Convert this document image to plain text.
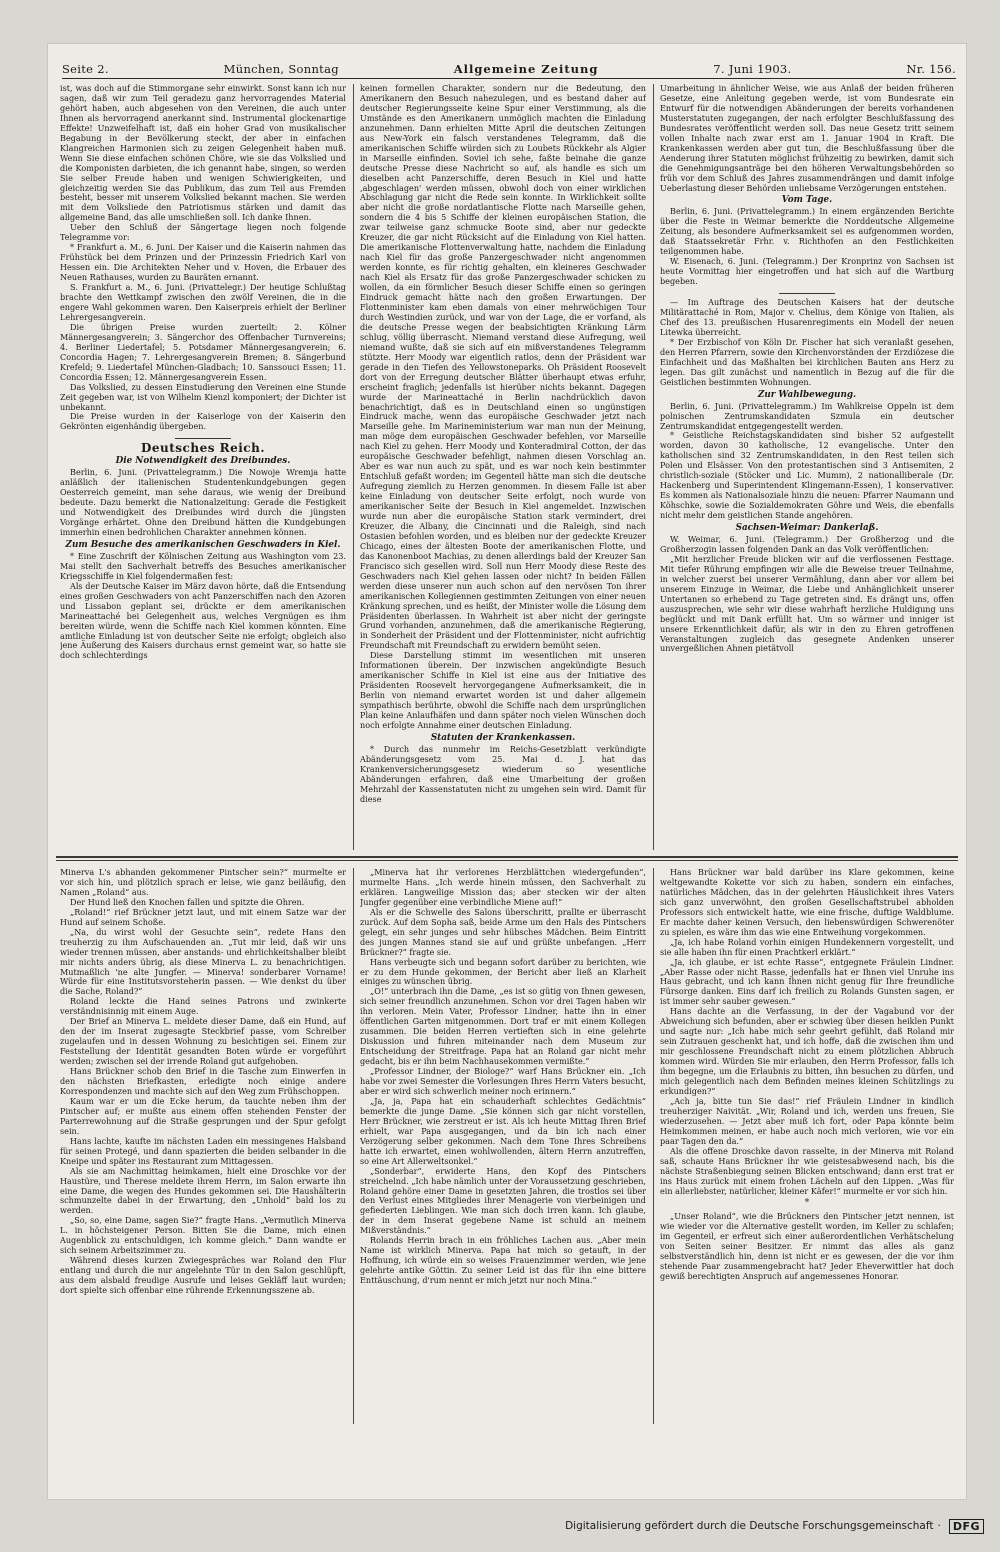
Seite 2.	München, Sonntag	Allgemeine Zeitung	7. Juni 1903.	Nr. 156.

ist, was doch auf die Stimmorgane sehr einwirkt. Sonst kann ich nur sagen, daß wir zum Teil geradezu ganz hervorragendes Material gehört haben, auch abgesehen von den Vereinen, die auch unter Ihnen als hervorragend anerkannt sind. Instrumental glockenartige Effekte! Unzweifelhaft ist, daß ein hoher Grad von musikalischer Begabung in der Bevölkerung steckt, der aber in einfachen Klangreichen Harmonien sich zu zeigen Gelegenheit haben muß. Wenn Sie diese einfachen schönen Chöre, wie sie das Volkslied und die Komponisten darbieten, die ich genannt habe, singen, so werden Sie selber Freude haben und wenigen Schwierigkeiten, und gleichzeitig werden Sie das Publikum, das zum Teil aus Fremden besteht, besser mit unserem Volkslied bekannt machen. Sie werden mit dem Volksliede den Patriotismus stärken und damit das allgemeine Band, das alle umschließen soll. Ich danke Ihnen.

Ueber den Schluß der Sängertage liegen noch folgende Telegramme vor:

* Frankfurt a. M., 6. Juni. Der Kaiser und die Kaiserin nahmen das Frühstück bei dem Prinzen und der Prinzessin Friedrich Karl von Hessen ein. Die Architekten Neher und v. Hoven, die Erbauer des Neuen Rathauses, wurden zu Bauräten ernannt.

S. Frankfurt a. M., 6. Juni. (Privattelegr.) Der heutige Schlußtag brachte den Wettkampf zwischen den zwölf Vereinen, die in die engere Wahl gekommen waren. Den Kaiserpreis erhielt der Berliner Lehrergesangverein.

Die übrigen Preise wurden zuerteilt: 2. Kölner Männergesangverein; 3. Sängerchor des Offenbacher Turnvereins; 4. Berliner Liedertafel; 5. Potsdamer Männergesangverein; 6. Concordia Hagen; 7. Lehrergesangverein Bremen; 8. Sängerbund Krefeld; 9. Liedertafel München-Gladbach; 10. Sanssouci Essen; 11. Concordia Essen; 12. Männergesangverein Essen.

Das Volkslied, zu dessen Einstudierung den Vereinen eine Stunde Zeit gegeben war, ist von Wilhelm Kienzl komponiert; der Dichter ist unbekannt.

Die Preise wurden in der Kaiserloge von der Kaiserin den Gekrönten eigenhändig übergeben.

Deutsches Reich.
Die Notwendigkeit des Dreibundes.

Berlin, 6. Juni. (Privattelegramm.) Die Nowoje Wremja hatte anläßlich der italienischen Studentenkundgebungen gegen Oesterreich gemeint, man sehe daraus, wie wenig der Dreibund bedeute. Dazu bemerkt die Nationalzeitung: Gerade die Festigkeit und Notwendigkeit des Dreibundes wird durch die jüngsten Vorgänge erhärtet. Ohne den Dreibund hätten die Kundgebungen immerhin einen bedrohlichen Charakter annehmen können.

Zum Besuche des amerikanischen Geschwaders in Kiel.

* Eine Zuschrift der Kölnischen Zeitung aus Washington vom 23. Mai stellt den Sachverhalt betreffs des Besuches amerikanischer Kriegsschiffe in Kiel folgendermaßen fest:

Als der Deutsche Kaiser im März davon hörte, daß die Entsendung eines großen Geschwaders von acht Panzerschiffen nach den Azoren und Lissabon geplant sei, drückte er dem amerikanischen Marineattaché bei Gelegenheit aus, welches Vergnügen es ihm bereiten würde, wenn die Schiffe nach Kiel kommen könnten. Eine amtliche Einladung ist von deutscher Seite nie erfolgt; obgleich also jene Äußerung des Kaisers durchaus ernst gemeint war, so hatte sie doch schlechterdings

keinen formellen Charakter, sondern nur die Bedeutung, den Amerikanern den Besuch nahezulegen, und es bestand daher auf deutscher Regierungsseite keine Spur einer Verstimmung, als die Umstände es den Amerikanern unmöglich machten die Einladung anzunehmen. Dann erhielten Mitte April die deutschen Zeitungen aus New-York ein falsch verstandenes Telegramm, daß die amerikanischen Schiffe würden sich zu Loubets Rückkehr als Algier in Marseille einfinden. Soviel ich sehe, faßte beinahe die ganze deutsche Presse diese Nachricht so auf, als handle es sich um dieselben acht Panzerschiffe, deren Besuch in Kiel und hatte ‚abgeschlagen' werden müssen, obwohl doch von einer wirklichen Abschlagung gar nicht die Rede sein konnte. In Wirklichkeit sollte aber nicht die große nordatlantische Flotte nach Marseille gehen, sondern die 4 bis 5 Schiffe der kleinen europäischen Station, die zwar teilweise ganz schmucke Boote sind, aber nur gedeckte Kreuzer, die gar nicht Rücksicht auf die Einladung von Kiel hatten. Die amerikanische Flottenverwaltung hatte, nachdem die Einladung nach Kiel für das große Panzergeschwader nicht angenommen werden konnte, es für richtig gehalten, ein kleineres Geschwader nach Kiel als Ersatz für das große Panzergeschwader schicken zu wollen, da ein förmlicher Besuch dieser Schiffe einen so geringen Eindruck gemacht hätte nach den großen Erwartungen. Der Flottenminister kam eben damals von einer mehrwöchigen Tour durch Westindien zurück, und war von der Lage, die er vorfand, als die deutsche Presse wegen der beabsichtigten Kränkung Lärm schlug, völlig überrascht. Niemand verstand diese Aufregung, weil niemand wußte, daß sie sich auf ein mißverstandenes Telegramm stützte. Herr Moody war eigentlich ratlos, denn der Präsident war gerade in den Tiefen des Yellowstoneparks. Oh Präsident Roosevelt dort von der Erregung deutscher Blätter überhaupt etwas erfuhr, erscheint fraglich; jedenfalls ist hierüber nichts bekannt. Dagegen wurde der Marineattaché in Berlin nachdrücklich davon benachrichtigt, daß es in Deutschland einen so ungünstigen Eindruck mache, wenn das europäische Geschwader jetzt nach Marseille gehe. Im Marineministerium war man nun der Meinung, man möge dem europäischen Geschwader befehlen, vor Marseille nach Kiel zu gehen. Herr Moody und Konteradmiral Cotton, der das europäische Geschwader befehligt, nahmen diesen Vorschlag an. Aber es war nun auch zu spät, und es war noch kein bestimmter Entschluß gefaßt worden; im Gegenteil hätte man sich die deutsche Aufregung ziemlich zu Herzen genommen. In diesem Falle ist aber keine Einladung von deutscher Seite erfolgt, noch wurde von amerikanischer Seite der Besuch in Kiel angemeldet. Inzwischen wurde nun aber die europäische Station stark vermindert, drei Kreuzer, die Albany, die Cincinnati und die Raleigh, sind nach Ostasien befohlen worden, und es bleiben nur der gedeckte Kreuzer Chicago, eines der ältesten Boote der amerikanischen Flotte, und das Kanonenboot Machias, zu denen allerdings bald der Kreuzer San Francisco sich gesellen wird. Soll nun Herr Moody diese Reste des Geschwaders nach Kiel gehen lassen oder nicht? In beiden Fällen werden diese unserer nun auch schon auf den nervösen Ton ihrer amerikanischen Kollegiennen gestimmten Zeitungen von einer neuen Kränkung sprechen, und es heißt, der Minister wolle die Lösung dem Präsidenten überlassen. In Wahrheit ist aber nicht der geringste Grund vorhanden, anzunehmen, daß die amerikanische Regierung, in Sonderheit der Präsident und der Flottenminister, nicht aufrichtig Freundschaft mit Freundschaft zu erwidern bemüht seien.

Diese Darstellung stimmt im wesentlichen mit unseren Informationen überein. Der inzwischen angekündigte Besuch amerikanischer Schiffe in Kiel ist eine aus der Initiative des Präsidenten Roosevelt hervorgegangene Aufmerksamkeit, die in Berlin von niemand erwartet worden ist und daher allgemein sympathisch berührte, obwohl die Schiffe nach dem ursprünglichen Plan keine Anlaufhäfen und dann später noch vielen Wünschen doch noch erfolgte Annahme einer deutschen Einladung.

Statuten der Krankenkassen.

* Durch das nunmehr im Reichs-Gesetzblatt verkündigte Abänderungsgesetz vom 25. Mai d. J. hat das Krankenversicherungsgesetz wiederum so wesentliche Abänderungen erfahren, daß eine Umarbeitung der großen Mehrzahl der Kassenstatuten nicht zu umgehen sein wird. Damit für diese

Umarbeitung in ähnlicher Weise, wie aus Anlaß der beiden früheren Gesetze, eine Anleitung gegeben werde, ist vom Bundesrate ein Entwurf für die notwendigen Abänderungen der bereits vorhandenen Musterstatuten zugegangen, der nach erfolgter Beschlußfassung des Bundesrates veröffentlicht werden soll. Das neue Gesetz tritt seinem vollen Inhalte nach zwar erst am 1. Januar 1904 in Kraft. Die Krankenkassen werden aber gut tun, die Beschlußfassung über die Aenderung ihrer Statuten möglichst frühzeitig zu bewirken, damit sich die Genehmigungsanträge bei den höheren Verwaltungsbehörden so früh vor dem Schluß des Jahres zusammendrängen und damit infolge Ueberlastung dieser Behörden unliebsame Verzögerungen entstehen.

Vom Tage.

Berlin, 6. Juni. (Privattelegramm.) In einem ergänzenden Berichte über die Feste in Weimar bemerkte die Norddeutsche Allgemeine Zeitung, als besondere Aufmerksamkeit sei es aufgenommen worden, daß Staatssekretär Frhr. v. Richthofen an den Festlichkeiten teilgenommen habe.

W. Eisenach, 6. Juni. (Telegramm.) Der Kronprinz von Sachsen ist heute Vormittag hier eingetroffen und hat sich auf die Wartburg begeben.

— Im Auftrage des Deutschen Kaisers hat der deutsche Militärattaché in Rom, Major v. Chelius, dem Könige von Italien, als Chef des 13. preußischen Husarenregiments ein Modell der neuen Litewka überreicht.

* Der Erzbischof von Köln Dr. Fischer hat sich veranlaßt gesehen, den Herren Pfarrern, sowie den Kirchenvorständen der Erzdiözese die Einfachheit und das Maßhalten bei kirchlichen Bauten ans Herz zu legen. Das gilt zunächst und namentlich in Bezug auf die für die Geistlichen bestimmten Wohnungen.

Zur Wahlbewegung.

Berlin, 6. Juni. (Privattelegramm.) Im Wahlkreise Oppeln ist dem polnischen Zentrumskandidaten Szmula ein deutscher Zentrumskandidat entgegengestellt werden.

* Geistliche Reichstagskandidaten sind bisher 52 aufgestellt worden, davon 30 katholische, 12 evangelische. Unter den katholischen sind 32 Zentrumskandidaten, in den Rest teilen sich Polen und Elsässer. Von den protestantischen sind 3 Antisemiten, 2 christlich-soziale (Stöcker und Lic. Mumm), 2 nationalliberale (Dr. Hackenberg und Superintendent Klingemann-Essen), 1 konservativer. Es kommen als Nationalsoziale hinzu die neuen: Pfarrer Naumann und Köhschke, sowie die Sozialdemokraten Göhre und Weis, die ebenfalls nicht mehr dem geistlichen Stande angehören.

Sachsen-Weimar: Dankerlaß.

W. Weimar, 6. Juni. (Telegramm.) Der Großherzog und die Großherzogin lassen folgenden Dank an das Volk veröffentlichen:

„Mit herzlicher Freude blicken wir auf die verflossenen Festtage. Mit tiefer Rührung empfingen wir alle die Beweise treuer Teilnahme, in welcher zuerst bei unserer Vermählung, dann aber vor allem bei unserem Einzuge in Weimar, die Liebe und Anhänglichkeit unserer Untertanen so erhebend zu Tage getreten sind. Es drängt uns, offen auszusprechen, wie sehr wir diese wahrhaft herzliche Huldigung uns beglückt und mit Dank erfüllt hat. Um so wärmer und inniger ist unsere Erkenntlichkeit dafür, als wir in den zu Ehren getroffenen Veranstaltungen zugleich das gesegnete Andenken unserer unvergeßlichen Ahnen pietätvoll

Minerva L's abhanden gekommener Pintscher sein?“ murmelte er vor sich hin, und plötzlich sprach er leise, wie ganz beiläufig, den Namen „Roland“ aus.

Der Hund ließ den Knochen fallen und spitzte die Ohren.

„Roland!“ rief Brückner jetzt laut, und mit einem Satze war der Hund auf seinem Schoße.

„Na, du wirst wohl der Gesuchte sein“, redete Hans den treuherzig zu ihm Aufschauenden an. „Tut mir leid, daß wir uns wieder trennen müssen, aber anstands- und ehrlichkeitshalber bleibt mir nichts anders übrig, als diese Minerva L. zu benachrichtigen. Mutmaßlich 'ne alte Jungfer. — Minerva! sonderbarer Vorname! Würde für eine Institutsvorsteherin passen. — Wie denkst du über die Sache, Roland?“

Roland leckte die Hand seines Patrons und zwinkerte verständnisinnig mit einem Auge.

Der Brief an Minerva L. meldete dieser Dame, daß ein Hund, auf den der im Inserat zugesagte Steckbrief passe, vom Schreiber zugelaufen und in dessen Wohnung zu besichtigen sei. Einem zur Feststellung der Identität gesandten Boten würde er vorgeführt werden; zwischen sei der irrende Roland gut aufgehoben.

Hans Brückner schob den Brief in die Tasche zum Einwerfen in den nächsten Briefkasten, erledigte noch einige andere Korrespondenzen und machte sich auf den Weg zum Frühschoppen.

Kaum war er um die Ecke herum, da tauchte neben ihm der Pintscher auf; er mußte aus einem offen stehenden Fenster der Parterrewohnung auf die Straße gesprungen und der Spur gefolgt sein.

Hans lachte, kaufte im nächsten Laden ein messingenes Halsband für seinen Protegé, und dann spazierten die beiden selbander in die Kneipe und später ins Restaurant zum Mittagessen.

Als sie am Nachmittag heimkamen, hielt eine Droschke vor der Haustüre, und Therese meldete ihrem Herrn, im Salon erwarte ihn eine Dame, die wegen des Hundes gekommen sei. Die Haushälterin schmunzelte dabei in der Erwartung, den „Unhold“ bald los zu werden.

„So, so, eine Dame, sagen Sie?“ fragte Hans. „Vermutlich Minerva L. in höchsteigener Person. Bitten Sie die Dame, mich einen Augenblick zu entschuldigen, ich komme gleich.“ Dann wandte er sich seinem Arbeitszimmer zu.

Während dieses kurzen Zwiegespräches war Roland den Flur entlang und durch die nur angelehnte Tür in den Salon geschlüpft, aus dem alsbald freudige Ausrufe und leises Gekläff laut wurden; dort spielte sich offenbar eine rührende Erkennungsszene ab.

„Minerva hat ihr verlorenes Herzblättchen wiedergefunden“, murmelte Hans. „Ich werde hinein müssen, den Sachverhalt zu erklären. Langweilige Mission das; aber stecken wir der alten Jungfer gegenüber eine verbindliche Miene auf!“

Als er die Schwelle des Salons überschritt, prallte er überrascht zurück. Auf dem Sopha saß, beide Arme um den Hals des Pintschers gelegt, ein sehr junges und sehr hübsches Mädchen. Beim Eintritt des jungen Mannes stand sie auf und grüßte unbefangen. „Herr Brückner?“ fragte sie.

Hans verbeugte sich und begann sofort darüber zu berichten, wie er zu dem Hunde gekommen, der Bericht aber ließ an Klarheit einiges zu wünschen übrig.

„O!“ unterbrach ihn die Dame, „es ist so gütig von Ihnen gewesen, sich seiner freundlich anzunehmen. Schon vor drei Tagen haben wir ihn verloren. Mein Vater, Professor Lindner, hatte ihn in einer öffentlichen Garten mitgenommen. Dort traf er mit einem Kollegen zusammen. Die beiden Herren vertieften sich in eine gelehrte Diskussion und fuhren miteinander nach dem Museum zur Entscheidung der Streitfrage. Papa hat an Roland gar nicht mehr gedacht, bis er ihn beim Nachhausekommen vermißte.“

„Professor Lindner, der Biologe?“ warf Hans Brückner ein. „Ich habe vor zwei Semester die Vorlesungen Ihres Herrn Vaters besucht, aber er wird sich schwerlich meiner noch erinnern.“

„Ja, ja, Papa hat ein schauderhaft schlechtes Gedächtnis“ bemerkte die junge Dame. „Sie können sich gar nicht vorstellen, Herr Brückner, wie zerstreut er ist. Als ich heute Mittag Ihren Brief erhielt, war Papa ausgegangen, und da bin ich nach einer Verzögerung selber gekommen. Nach dem Tone Ihres Schreibens hatte ich erwartet, einen wohlwollenden, ältern Herrn anzutreffen, so eine Art Allerweltsonkel.“

„Sonderbar“, erwiderte Hans, den Kopf des Pintschers streichelnd. „Ich habe nämlich unter der Voraussetzung geschrieben, Roland gehöre einer Dame in gesetzten Jahren, die trostlos sei über den Verlust eines Mitgliedes ihrer Menagerie von vierbeinigen und gefiederten Lieblingen. Wie man sich doch irren kann. Ich glaube, der in dem Inserat gegebene Name ist schuld an meinem Mißverständnis.“

Rolands Herrin brach in ein fröhliches Lachen aus. „Aber mein Name ist wirklich Minerva. Papa hat mich so getauft, in der Hoffnung, ich würde ein so weises Frauenzimmer werden, wie jene gelehrte antike Göttin. Zu seiner Leid ist das für ihn eine bittere Enttäuschung, d'rum nennt er mich jetzt nur noch Mina.“

Hans Brückner war bald darüber ins Klare gekommen, keine weltgewandte Kokette vor sich zu haben, sondern ein einfaches, natürliches Mädchen, das in der gelehrten Häuslichkeit ihres Vaters sich ganz unverwöhnt, den großen Gesellschaftstrubel abholden Professors sich entwickelt hatte, wie eine frische, duftige Waldblume. Er machte daher keinen Versuch, den liebenswürdigen Schwerenöter zu spielen, es wäre ihm das wie eine Entweihung vorgekommen.

„Ja, ich habe Roland vorhin einigen Hundekennern vorgestellt, und sie alle haben ihn für einen Prachtkerl erklärt.“

„Ja, ich glaube, er ist echte Rasse“, entgegnete Fräulein Lindner. „Aber Rasse oder nicht Rasse, jedenfalls hat er Ihnen viel Unruhe ins Haus gebracht, und ich kann Ihnen nicht genug für Ihre freundliche Fürsorge danken. Eins darf ich freilich zu Rolands Gunsten sagen, er ist immer sehr sauber gewesen.“

Hans dachte an die Verfassung, in der der Vagabund vor der Abweichung sich befunden, aber er schwieg über diesen heiklen Punkt und sagte nur: „Ich habe mich sehr geehrt gefühlt, daß Roland mir sein Zutrauen geschenkt hat, und ich hoffe, daß die zwischen ihm und mir geschlossene Freundschaft nicht zu einem plötzlichen Abbruch kommen wird. Würden Sie mir erlauben, den Herrn Professor, falls ich ihm begegne, um die Erlaubnis zu bitten, ihn besuchen zu dürfen, und mich gelegentlich nach dem Befinden meines kleinen Schützlings zu erkundigen?“

„Ach ja, bitte tun Sie das!“ rief Fräulein Lindner in kindlich treuherziger Naivität. „Wir, Roland und ich, werden uns freuen, Sie wiederzusehen. — Jetzt aber muß ich fort, oder Papa könnte beim Heimkommen meinen, er habe auch noch mich verloren, wie vor ein paar Tagen den da.“

Als die offene Droschke davon rasselte, in der Minerva mit Roland saß, schaute Hans Brückner ihr wie geistesabwesend nach, bis die nächste Straßenbiegung seinen Blicken entschwand; dann erst trat er ins Haus zurück mit einem frohen Lächeln auf den Lippen. „Was für ein allerliebster, natürlicher, kleiner Käfer!“ murmelte er vor sich hin.

*

„Unser Roland“, wie die Brückners den Pintscher jetzt nennen, ist wie wieder vor die Alternative gestellt worden, im Keller zu schlafen; im Gegenteil, er erfreut sich einer außerordentlichen Verhätschelung von Seiten seiner Besitzer. Er nimmt das alles als ganz selbstverständlich hin, denn ist nicht er es gewesen, der die vor ihm stehende Paar zusammengebracht hat? Jeder Eheverwittler hat doch gewiß berechtigten Anspruch auf angemessenes Honorar.

Digitalisierung gefördert durch die Deutsche Forschungsgemeinschaft ·	DFG
